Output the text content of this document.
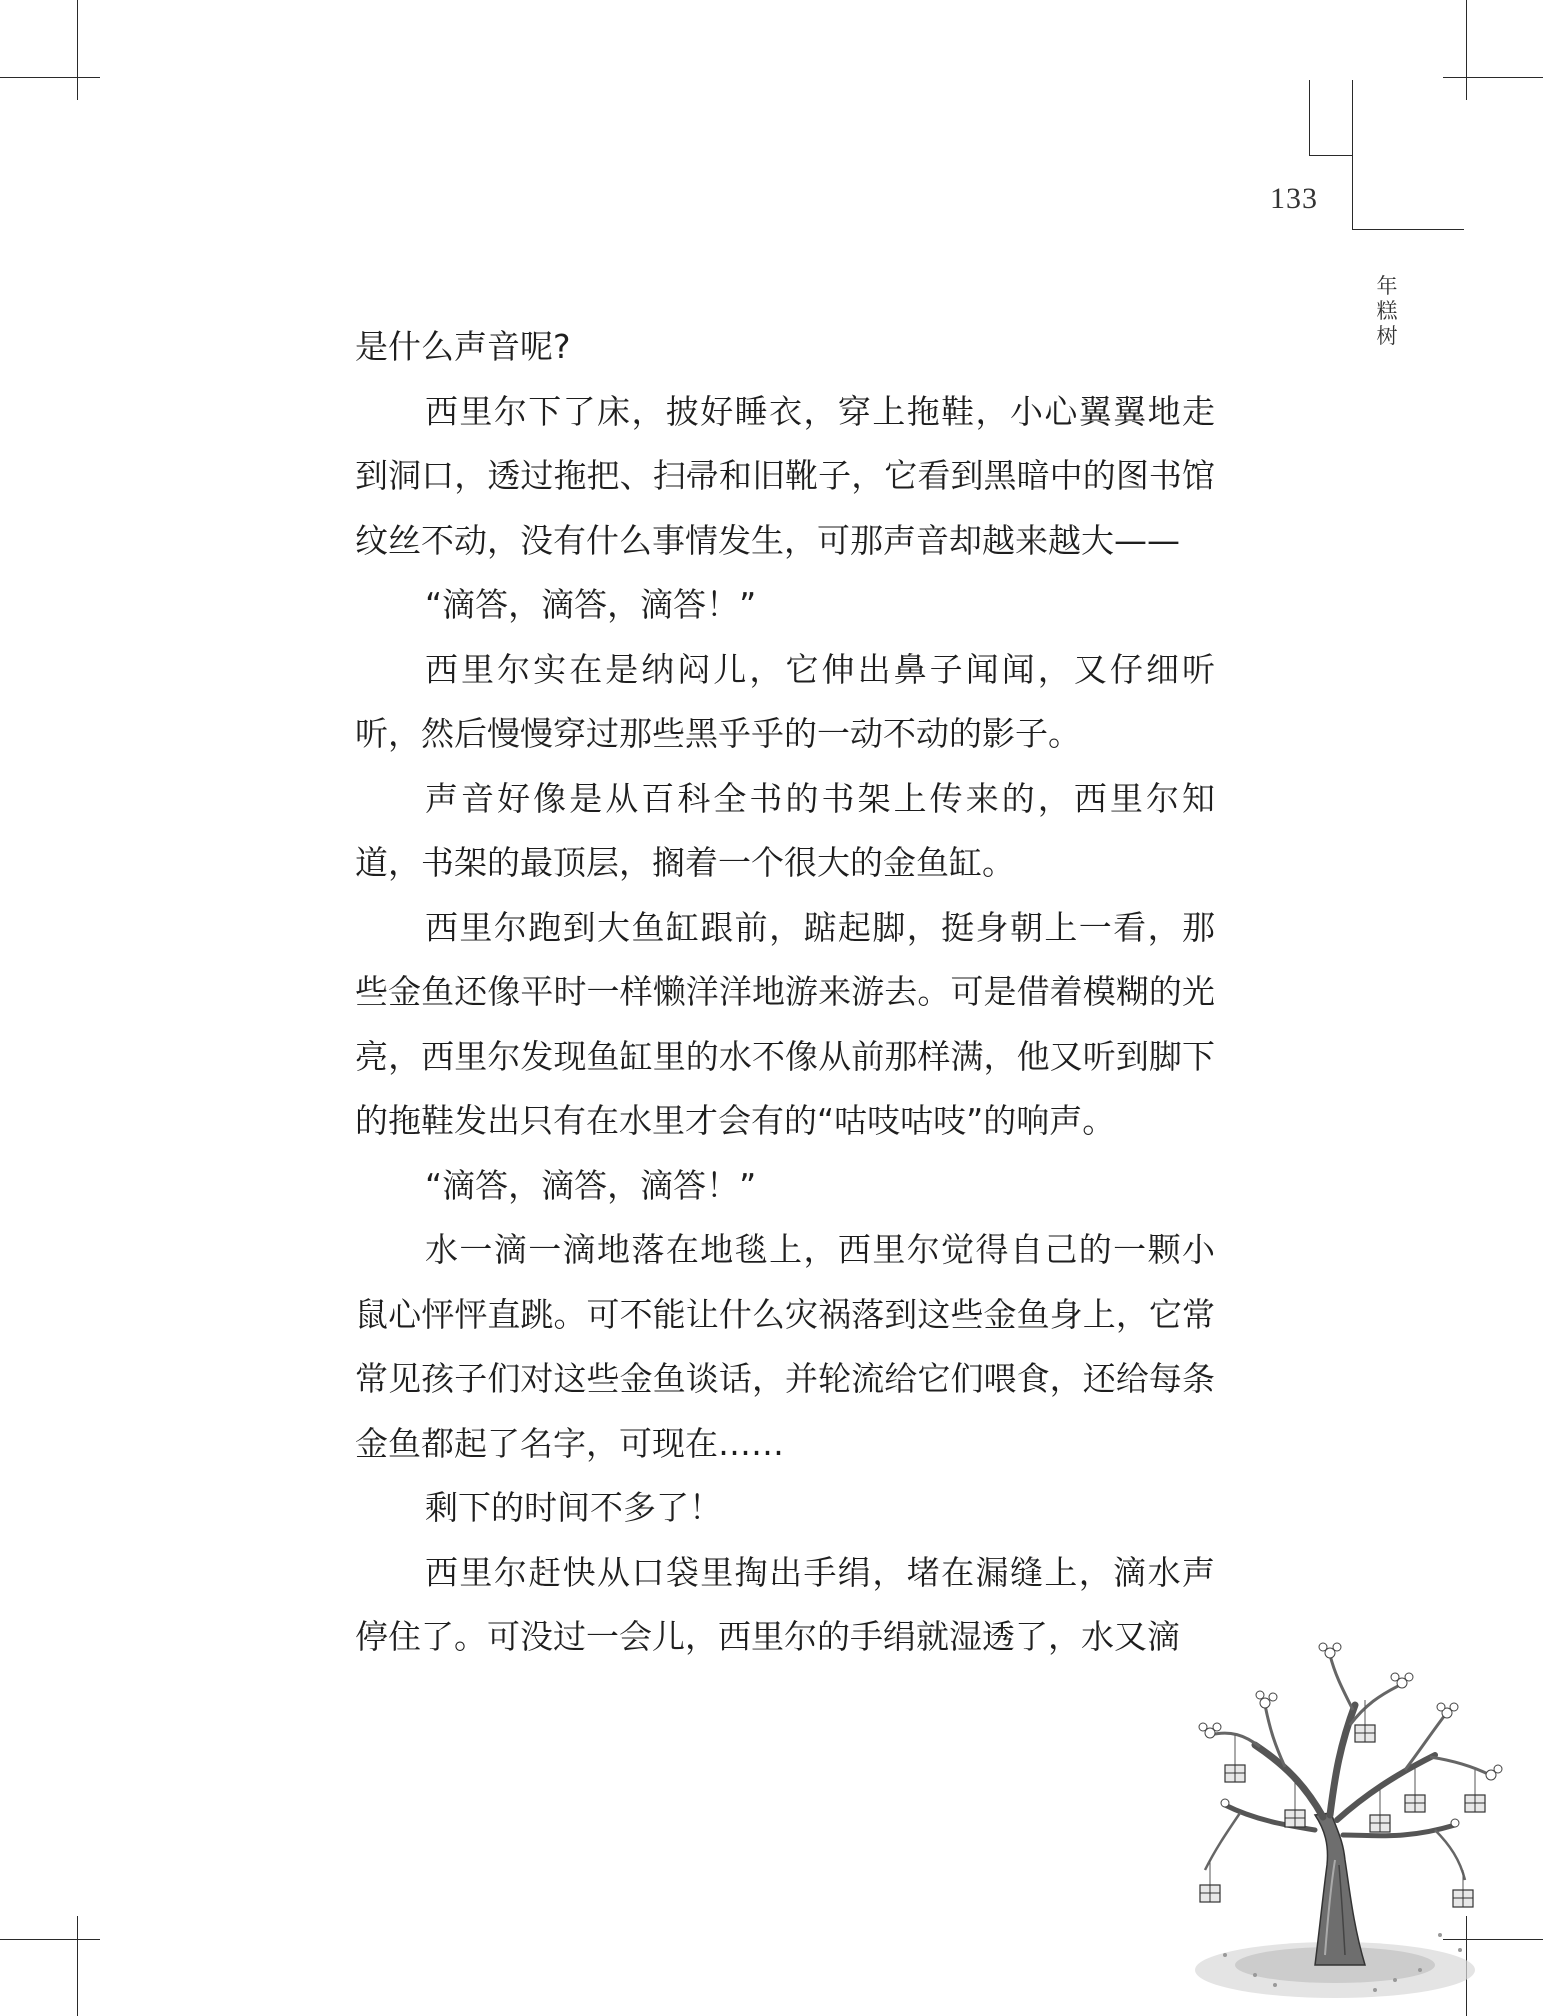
133
年
糕
树

是什么声音呢?

西里尔下了床，披好睡衣，穿上拖鞋，小心翼翼地走到洞口，透过拖把、扫帚和旧靴子，它看到黑暗中的图书馆纹丝不动，没有什么事情发生，可那声音却越来越大——

“滴答，滴答，滴答！”

西里尔实在是纳闷儿，它伸出鼻子闻闻，又仔细听听，然后慢慢穿过那些黑乎乎的一动不动的影子。

声音好像是从百科全书的书架上传来的，西里尔知道，书架的最顶层，搁着一个很大的金鱼缸。

西里尔跑到大鱼缸跟前，踮起脚，挺身朝上一看，那些金鱼还像平时一样懒洋洋地游来游去。可是借着模糊的光亮，西里尔发现鱼缸里的水不像从前那样满，他又听到脚下的拖鞋发出只有在水里才会有的“咕吱咕吱”的响声。

“滴答，滴答，滴答！”

水一滴一滴地落在地毯上，西里尔觉得自己的一颗小鼠心怦怦直跳。可不能让什么灾祸落到这些金鱼身上，它常常见孩子们对这些金鱼谈话，并轮流给它们喂食，还给每条金鱼都起了名字，可现在……

剩下的时间不多了！

西里尔赶快从口袋里掏出手绢，堵在漏缝上，滴水声停住了。可没过一会儿，西里尔的手绢就湿透了，水又滴
